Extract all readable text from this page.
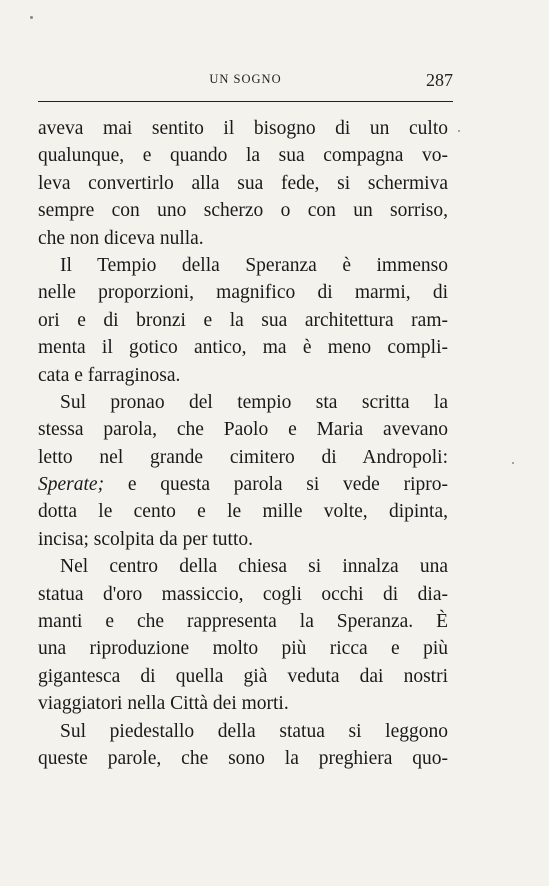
UN SOGNO	287
aveva mai sentito il bisogno di un culto
qualunque, e quando la sua compagna vo-
leva convertirlo alla sua fede, si schermiva
sempre con uno scherzo o con un sorriso,
che non diceva nulla.
Il Tempio della Speranza è immenso
nelle proporzioni, magnifico di marmi, di
ori e di bronzi e la sua architettura ram-
menta il gotico antico, ma è meno compli-
cata e farraginosa.
Sul pronao del tempio sta scritta la
stessa parola, che Paolo e Maria avevano
letto nel grande cimitero di Andropoli:
Sperate; e questa parola si vede ripro-
dotta le cento e le mille volte, dipinta,
incisa; scolpita da per tutto.
Nel centro della chiesa si innalza una
statua d'oro massiccio, cogli occhi di dia-
manti e che rappresenta la Speranza. È
una riproduzione molto più ricca e più
gigantesca di quella già veduta dai nostri
viaggiatori nella Città dei morti.
Sul piedestallo della statua si leggono
queste parole, che sono la preghiera quo-
